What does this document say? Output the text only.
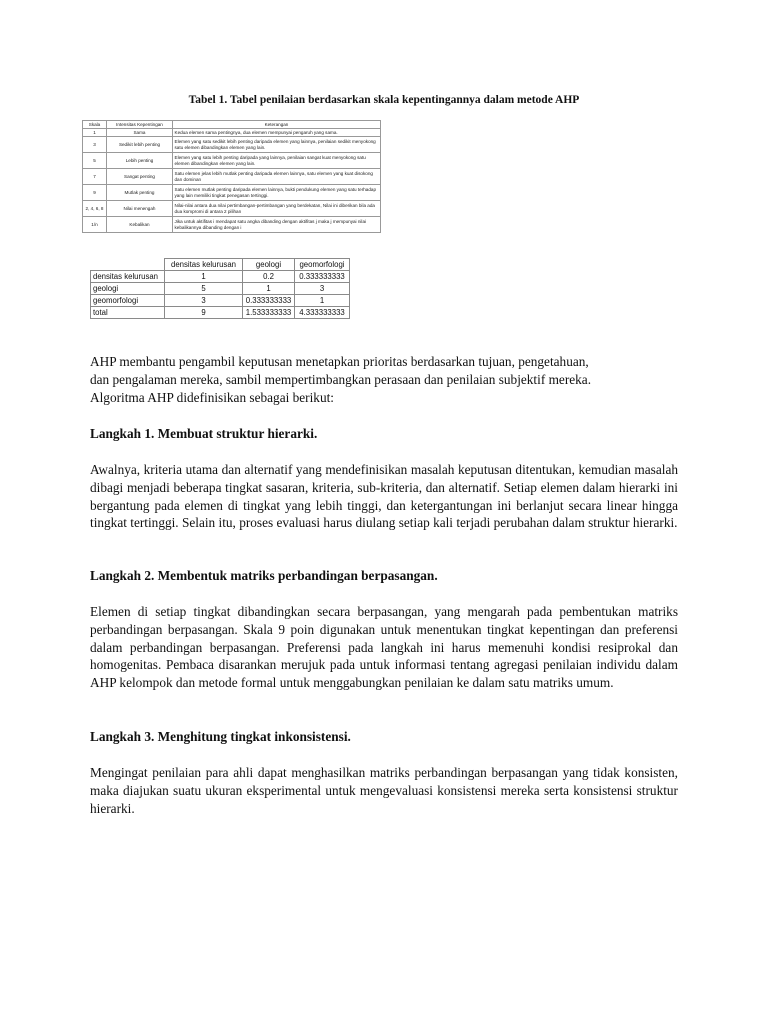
Tabel 1. Tabel penilaian berdasarkan skala kepentingannya dalam metode AHP
Skala	Intensitas Kepentingan	Keterangan
1	Sama	Kedua elemen sama pentingnya, dua elemen mempunyai pengaruh yang sama.
3	Sedikit lebih penting	Elemen yang satu sedikit lebih penting daripada elemen yang lainnya, penilaian sedikit menyokong satu elemen dibandingkan elemen yang lain.
5	Lebih penting	Elemen yang satu lebih penting daripada yang lainnya, penilaian sangat kuat menyokong satu elemen dibandingkan elemen yang lain.
7	Sangat penting	Satu elemen jelas lebih mutlak penting daripada elemen lainnya, satu elemen yang kuat disokong dan dominan
9	Mutlak penting	Satu elemen mutlak penting daripada elemen lainnya, bukti pendukung elemen yang satu terhadap yang lain memiliki tingkat penegasan tertinggi.
2, 4, 6, 8	Nilai menengah	Nilai-nilai antara dua nilai pertimbangan-pertimbangan yang berdekatan, Nilai ini diberikan bila ada dua kompromi di antara 2 pilihan
1/n	Kebalikan	Jika untuk aktifitas i mendapat satu angka dibanding dengan aktifitas j maka j mempunyai nilai kebalikannya dibanding dengan i
	densitas kelurusan	geologi	geomorfologi
densitas kelurusan	1	0.2	0.333333333
geologi	5	1	3
geomorfologi	3	0.333333333	1
total	9	1.533333333	4.333333333
AHP membantu pengambil keputusan menetapkan prioritas berdasarkan tujuan, pengetahuan,
dan pengalaman mereka, sambil mempertimbangkan perasaan dan penilaian subjektif mereka.
Algoritma AHP didefinisikan sebagai berikut:
Langkah 1. Membuat struktur hierarki.
Awalnya, kriteria utama dan alternatif yang mendefinisikan masalah keputusan ditentukan, kemudian masalah dibagi menjadi beberapa tingkat sasaran, kriteria, sub-kriteria, dan alternatif. Setiap elemen dalam hierarki ini bergantung pada elemen di tingkat yang lebih tinggi, dan ketergantungan ini berlanjut secara linear hingga tingkat tertinggi. Selain itu, proses evaluasi harus diulang setiap kali terjadi perubahan dalam struktur hierarki.
Langkah 2. Membentuk matriks perbandingan berpasangan.
Elemen di setiap tingkat dibandingkan secara berpasangan, yang mengarah pada pembentukan matriks perbandingan berpasangan. Skala 9 poin digunakan untuk menentukan tingkat kepentingan dan preferensi dalam perbandingan berpasangan. Preferensi pada langkah ini harus memenuhi kondisi resiprokal dan homogenitas. Pembaca disarankan merujuk pada untuk informasi tentang agregasi penilaian individu dalam AHP kelompok dan metode formal untuk menggabungkan penilaian ke dalam satu matriks umum.
Langkah 3. Menghitung tingkat inkonsistensi.
Mengingat penilaian para ahli dapat menghasilkan matriks perbandingan berpasangan yang tidak konsisten, maka diajukan suatu ukuran eksperimental untuk mengevaluasi konsistensi mereka serta konsistensi struktur hierarki.
